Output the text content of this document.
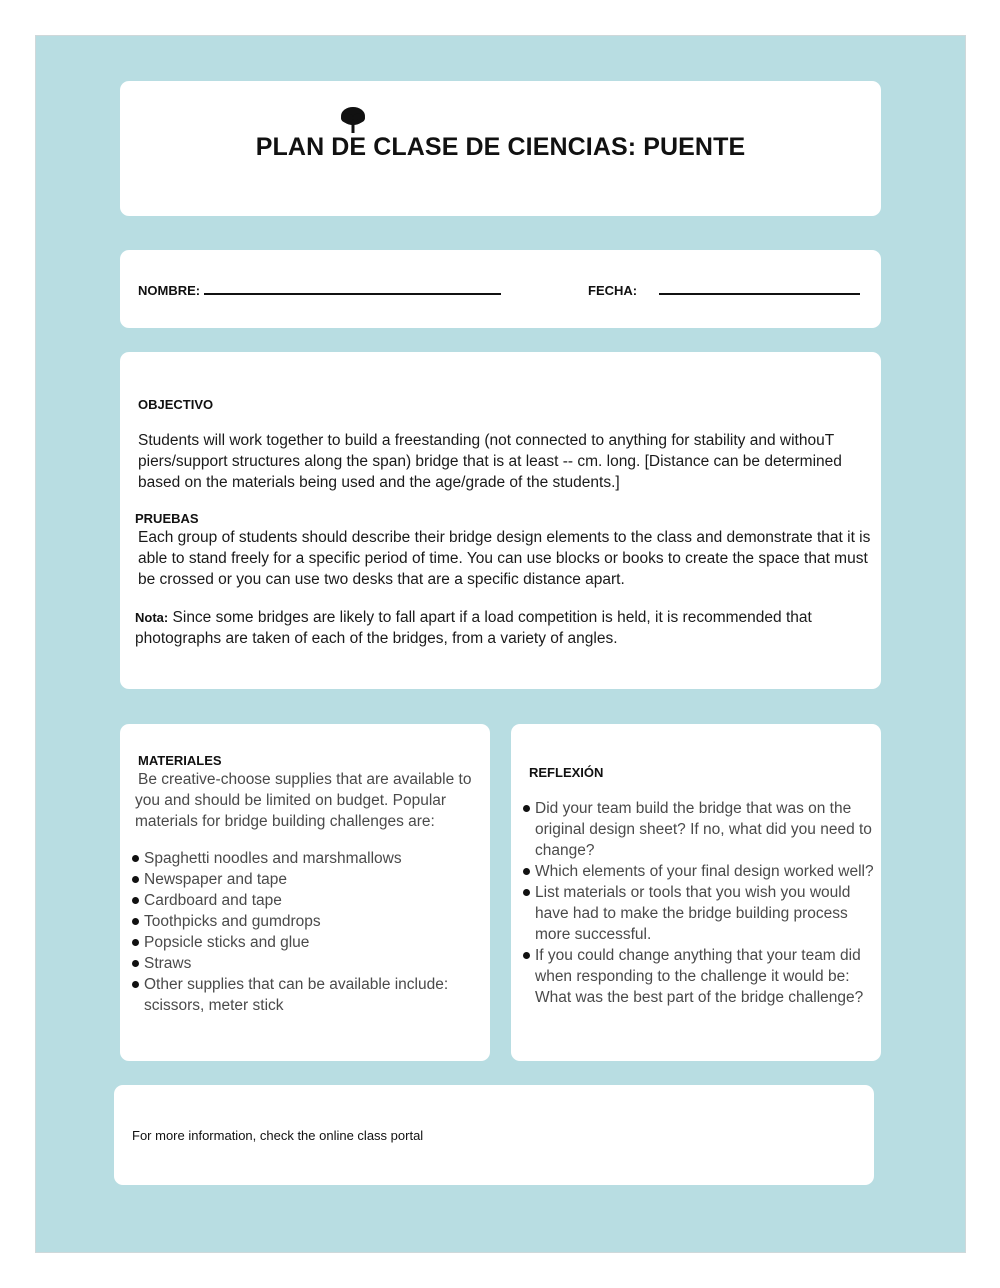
PLAN DE CLASE DE CIENCIAS: PUENTE
NOMBRE:	FECHA:
OBJECTIVO

Students will work together to build a freestanding (not connected to anything for stability and withouT piers/support structures along the span) bridge that is at least -- cm. long. [Distance can be determined based on the materials being used and the age/grade of the students.]

PRUEBAS

Each group of students should describe their bridge design elements to the class and demonstrate that it is able to stand freely for a specific period of time. You can use blocks or books to create the space that must be crossed or you can use two desks that are a specific distance apart.

Nota: Since some bridges are likely to fall apart if a load competition is held, it is recommended that photographs are taken of each of the bridges, from a variety of angles.

MATERIALES

Be creative-choose supplies that are available to you and should be limited on budget. Popular materials for bridge building challenges are:

Spaghetti noodles and marshmallows
Newspaper and tape
Cardboard and tape
Toothpicks and gumdrops
Popsicle sticks and glue
Straws
Other supplies that can be available include: scissors, meter stick
REFLEXIÓN
Did your team build the bridge that was on the original design sheet? If no, what did you need to change?
Which elements of your final design worked well?
List materials or tools that you wish you would have had to make the bridge building process more successful.
If you could change anything that your team did when responding to the challenge it would be: What was the best part of the bridge challenge?
For more information, check the online class portal
